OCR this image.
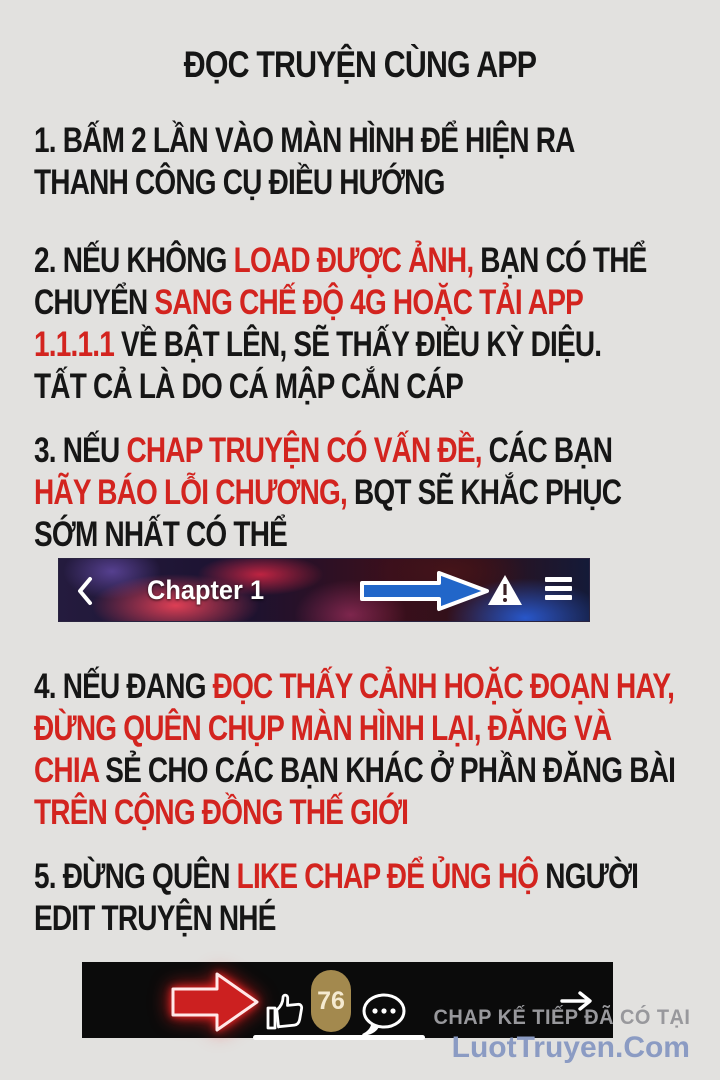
ĐỌC TRUYỆN CÙNG APP
1. BẤM 2 LẦN VÀO MÀN HÌNH ĐỂ HIỆN RA
THANH CÔNG CỤ ĐIỀU HƯỚNG
2. NẾU KHÔNG LOAD ĐƯỢC ẢNH, BẠN CÓ THỂ
CHUYỂN SANG CHẾ ĐỘ 4G HOẶC TẢI APP
1.1.1.1 VỀ BẬT LÊN, SẼ THẤY ĐIỀU KỲ DIỆU.
TẤT CẢ LÀ DO CÁ MẬP CẮN CÁP
3. NẾU CHAP TRUYỆN CÓ VẤN ĐỀ, CÁC BẠN
HÃY BÁO LỖI CHƯƠNG, BQT SẼ KHẮC PHỤC
SỚM NHẤT CÓ THỂ
Chapter 1
4. NẾU ĐANG ĐỌC THẤY CẢNH HOẶC ĐOẠN HAY,
ĐỪNG QUÊN CHỤP MÀN HÌNH LẠI, ĐĂNG VÀ
CHIA SẺ CHO CÁC BẠN KHÁC Ở PHẦN ĐĂNG BÀI
TRÊN CỘNG ĐỒNG THẾ GIỚI
5. ĐỪNG QUÊN LIKE CHAP ĐỂ ỦNG HỘ NGƯỜI
EDIT TRUYỆN NHÉ
76
CHAP KẾ TIẾP ĐÃ CÓ TẠI
LuotTruyen.Com
